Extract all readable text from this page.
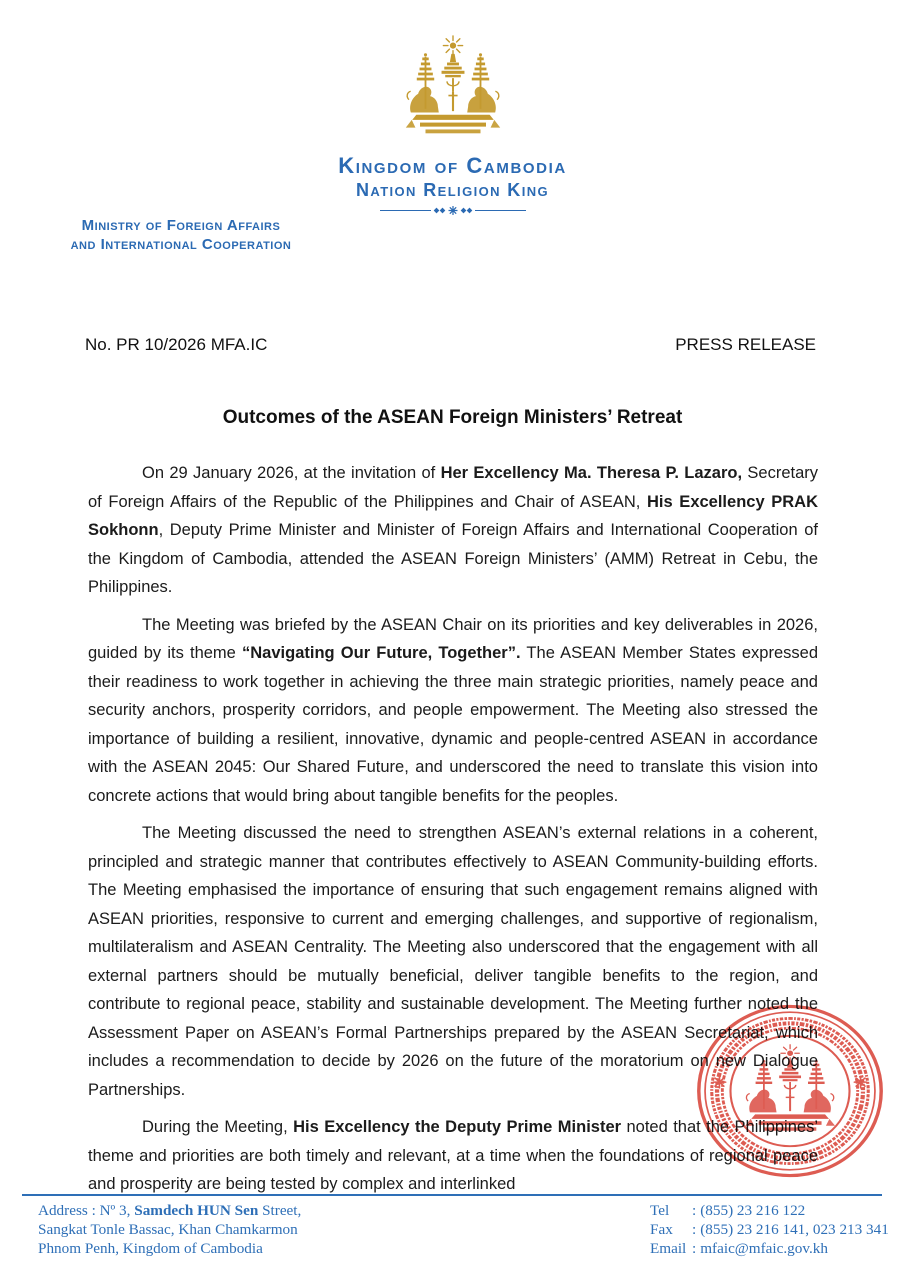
Kingdom of Cambodia
Nation Religion King
Ministry of Foreign Affairs
and International Cooperation
No. PR 10/2026 MFA.IC	PRESS RELEASE
Outcomes of the ASEAN Foreign Ministers’ Retreat

On 29 January 2026, at the invitation of Her Excellency Ma. Theresa P. Lazaro, Secretary of Foreign Affairs of the Republic of the Philippines and Chair of ASEAN, His Excellency PRAK Sokhonn, Deputy Prime Minister and Minister of Foreign Affairs and International Cooperation of the Kingdom of Cambodia, attended the ASEAN Foreign Ministers’ (AMM) Retreat in Cebu, the Philippines.

The Meeting was briefed by the ASEAN Chair on its priorities and key deliverables in 2026, guided by its theme “Navigating Our Future, Together”. The ASEAN Member States expressed their readiness to work together in achieving the three main strategic priorities, namely peace and security anchors, prosperity corridors, and people empowerment. The Meeting also stressed the importance of building a resilient, innovative, dynamic and people-centred ASEAN in accordance with the ASEAN 2045: Our Shared Future, and underscored the need to translate this vision into concrete actions that would bring about tangible benefits for the peoples.

The Meeting discussed the need to strengthen ASEAN’s external relations in a coherent, principled and strategic manner that contributes effectively to ASEAN Community-building efforts. The Meeting emphasised the importance of ensuring that such engagement remains aligned with ASEAN priorities, responsive to current and emerging challenges, and supportive of regionalism, multilateralism and ASEAN Centrality. The Meeting also underscored that the engagement with all external partners should be mutually beneficial, deliver tangible benefits to the region, and contribute to regional peace, stability and sustainable development. The Meeting further noted the Assessment Paper on ASEAN’s Formal Partnerships prepared by the ASEAN Secretariat, which includes a recommendation to decide by 2026 on the future of the moratorium on new Dialogue Partnerships.

During the Meeting, His Excellency the Deputy Prime Minister noted that the Philippines’ theme and priorities are both timely and relevant, at a time when the foundations of regional peace and prosperity are being tested by complex and interlinked

Address : Nº 3, Samdech HUN Sen Street,
Sangkat Tonle Bassac, Khan Chamkarmon
Phnom Penh, Kingdom of Cambodia
Tel	: (855) 23 216 122
Fax	: (855) 23 216 141, 023 213 341
Email : mfaic@mfaic.gov.kh
